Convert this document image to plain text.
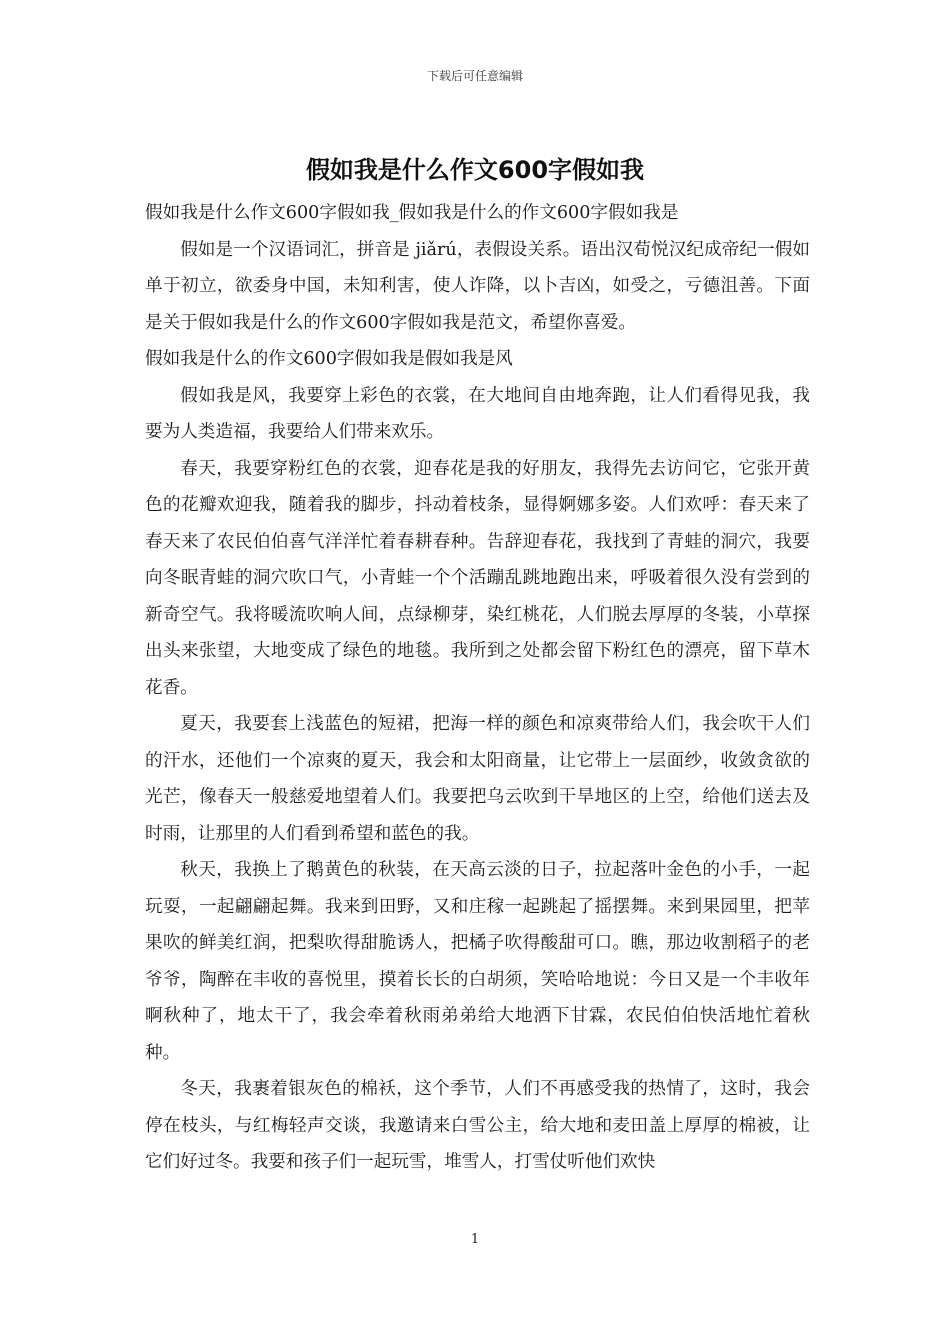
下载后可任意编辑
假如我是什么作文600字假如我

假如我是什么作文600字假如我_假如我是什么的作文600字假如我是

假如是一个汉语词汇，拼音是 jiǎrú，表假设关系。语出汉荀悦汉纪成帝纪一假如单于初立，欲委身中国，未知利害，使人诈降，以卜吉凶，如受之，亏德沮善。下面是关于假如我是什么的作文600字假如我是范文，希望你喜爱。

假如我是什么的作文600字假如我是假如我是风

假如我是风，我要穿上彩色的衣裳，在大地间自由地奔跑，让人们看得见我，我要为人类造福，我要给人们带来欢乐。

春天，我要穿粉红色的衣裳，迎春花是我的好朋友，我得先去访问它，它张开黄色的花瓣欢迎我，随着我的脚步，抖动着枝条，显得婀娜多姿。人们欢呼：春天来了春天来了农民伯伯喜气洋洋忙着春耕春种。告辞迎春花，我找到了青蛙的洞穴，我要向冬眠青蛙的洞穴吹口气，小青蛙一个个活蹦乱跳地跑出来，呼吸着很久没有尝到的新奇空气。我将暖流吹响人间，点绿柳芽，染红桃花，人们脱去厚厚的冬装，小草探出头来张望，大地变成了绿色的地毯。我所到之处都会留下粉红色的漂亮，留下草木花香。

夏天，我要套上浅蓝色的短裙，把海一样的颜色和凉爽带给人们，我会吹干人们的汗水，还他们一个凉爽的夏天，我会和太阳商量，让它带上一层面纱，收敛贪欲的光芒，像春天一般慈爱地望着人们。我要把乌云吹到干旱地区的上空，给他们送去及时雨，让那里的人们看到希望和蓝色的我。

秋天，我换上了鹅黄色的秋装，在天高云淡的日子，拉起落叶金色的小手，一起玩耍，一起翩翩起舞。我来到田野，又和庄稼一起跳起了摇摆舞。来到果园里，把苹果吹的鲜美红润，把梨吹得甜脆诱人，把橘子吹得酸甜可口。瞧，那边收割稻子的老爷爷，陶醉在丰收的喜悦里，摸着长长的白胡须，笑哈哈地说：今日又是一个丰收年啊秋种了，地太干了，我会牵着秋雨弟弟给大地洒下甘霖，农民伯伯快活地忙着秋种。

冬天，我裹着银灰色的棉袄，这个季节，人们不再感受我的热情了，这时，我会停在枝头，与红梅轻声交谈，我邀请来白雪公主，给大地和麦田盖上厚厚的棉被，让它们好过冬。我要和孩子们一起玩雪，堆雪人，打雪仗听他们欢快

1
